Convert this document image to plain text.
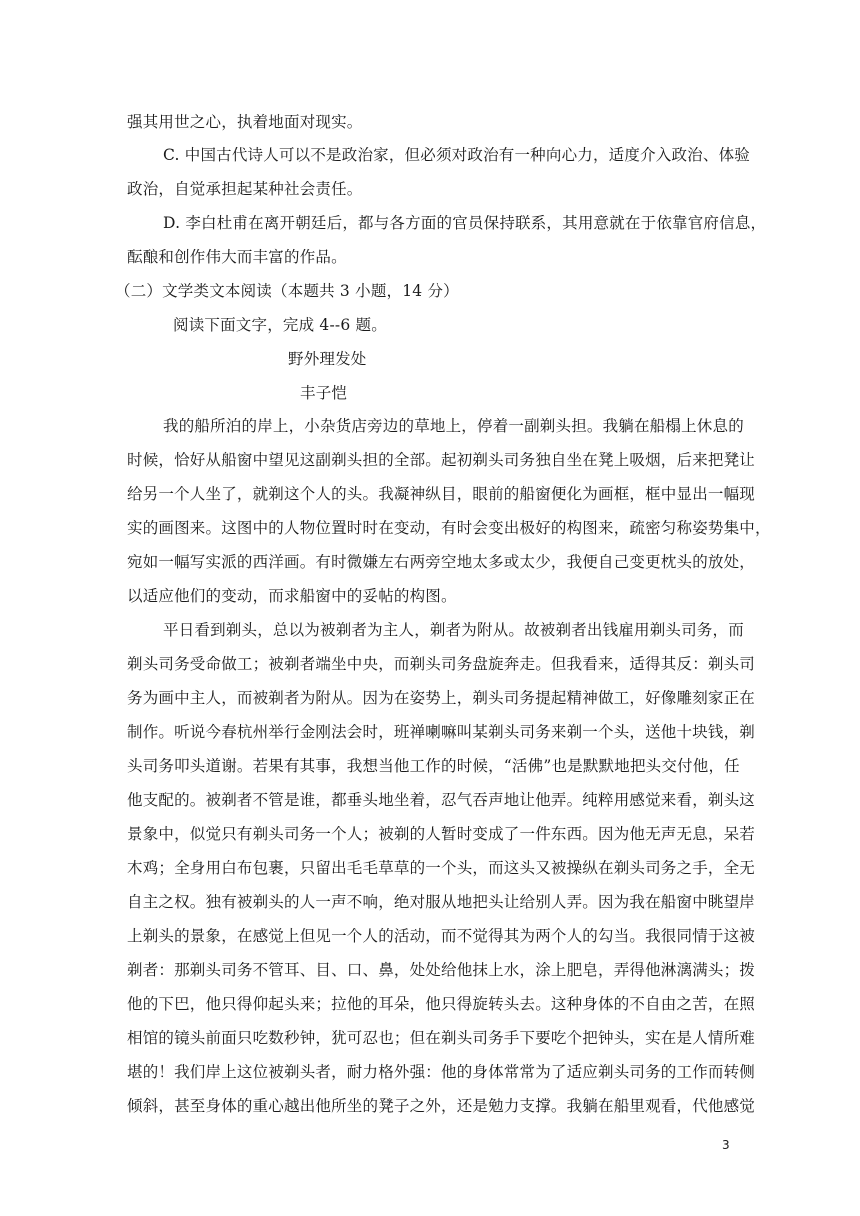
强其用世之心，执着地面对现实。
C. 中国古代诗人可以不是政治家，但必须对政治有一种向心力，适度介入政治、体验
政治，自觉承担起某种社会责任。
D. 李白杜甫在离开朝廷后，都与各方面的官员保持联系，其用意就在于依靠官府信息，
酝酿和创作伟大而丰富的作品。
（二）文学类文本阅读（本题共 3 小题，14 分）
阅读下面文字，完成 4--6 题。
野外理发处
丰子恺
我的船所泊的岸上，小杂货店旁边的草地上，停着一副剃头担。我躺在船榻上休息的
时候，恰好从船窗中望见这副剃头担的全部。起初剃头司务独自坐在凳上吸烟，后来把凳让
给另一个人坐了，就剃这个人的头。我凝神纵目，眼前的船窗便化为画框，框中显出一幅现
实的画图来。这图中的人物位置时时在变动，有时会变出极好的构图来，疏密匀称姿势集中，
宛如一幅写实派的西洋画。有时微嫌左右两旁空地太多或太少，我便自己变更枕头的放处，
以适应他们的变动，而求船窗中的妥帖的构图。
平日看到剃头，总以为被剃者为主人，剃者为附从。故被剃者出钱雇用剃头司务，而
剃头司务受命做工；被剃者端坐中央，而剃头司务盘旋奔走。但我看来，适得其反：剃头司
务为画中主人，而被剃者为附从。因为在姿势上，剃头司务提起精神做工，好像雕刻家正在
制作。听说今春杭州举行金刚法会时，班禅喇嘛叫某剃头司务来剃一个头，送他十块钱，剃
头司务叩头道谢。若果有其事，我想当他工作的时候，“活佛”也是默默地把头交付他，任
他支配的。被剃者不管是谁，都垂头地坐着，忍气吞声地让他弄。纯粹用感觉来看，剃头这
景象中，似觉只有剃头司务一个人；被剃的人暂时变成了一件东西。因为他无声无息，呆若
木鸡；全身用白布包裹，只留出毛毛草草的一个头，而这头又被操纵在剃头司务之手，全无
自主之权。独有被剃头的人一声不响，绝对服从地把头让给别人弄。因为我在船窗中眺望岸
上剃头的景象，在感觉上但见一个人的活动，而不觉得其为两个人的勾当。我很同情于这被
剃者：那剃头司务不管耳、目、口、鼻，处处给他抹上水，涂上肥皂，弄得他淋漓满头；拨
他的下巴，他只得仰起头来；拉他的耳朵，他只得旋转头去。这种身体的不自由之苦，在照
相馆的镜头前面只吃数秒钟，犹可忍也；但在剃头司务手下要吃个把钟头，实在是人情所难
堪的！我们岸上这位被剃头者，耐力格外强：他的身体常常为了适应剃头司务的工作而转侧
倾斜，甚至身体的重心越出他所坐的凳子之外，还是勉力支撑。我躺在船里观看，代他感觉
3
